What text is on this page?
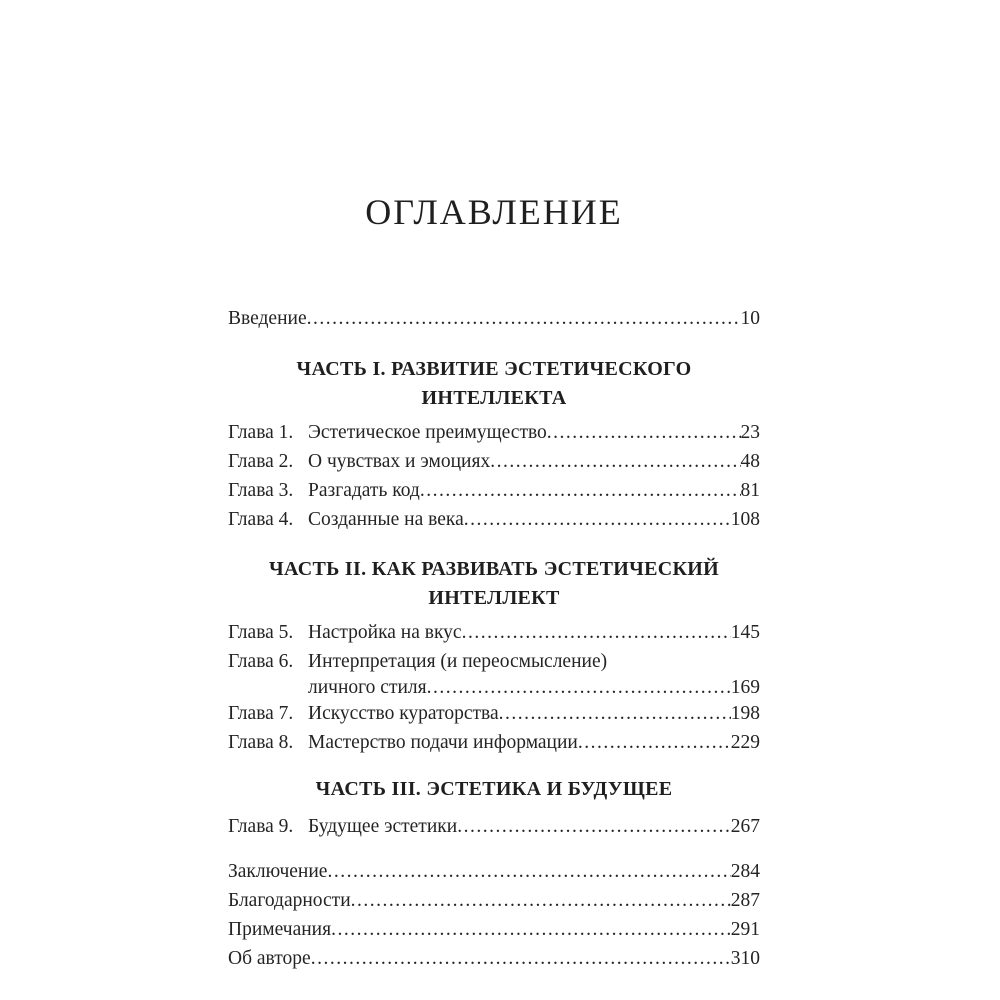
ОГЛАВЛЕНИЕ
Введение .....	10
ЧАСТЬ I. РАЗВИТИЕ ЭСТЕТИЧЕСКОГО
ИНТЕЛЛЕКТА
Глава 1. Эстетическое преимущество .....	23
Глава 2. О чувствах и эмоциях .....	48
Глава 3. Разгадать код .....	81
Глава 4. Созданные на века .....	108
ЧАСТЬ II. КАК РАЗВИВАТЬ ЭСТЕТИЧЕСКИЙ
ИНТЕЛЛЕКТ
Глава 5. Настройка на вкус .....	145
Глава 6. Интерпретация (и переосмысление)
личного стиля .....	169
Глава 7. Искусство кураторства .....	198
Глава 8. Мастерство подачи информации .....	229
ЧАСТЬ III. ЭСТЕТИКА И БУДУЩЕЕ
Глава 9. Будущее эстетики .....	267
Заключение .....	284
Благодарности .....	287
Примечания .....	291
Об авторе .....	310
